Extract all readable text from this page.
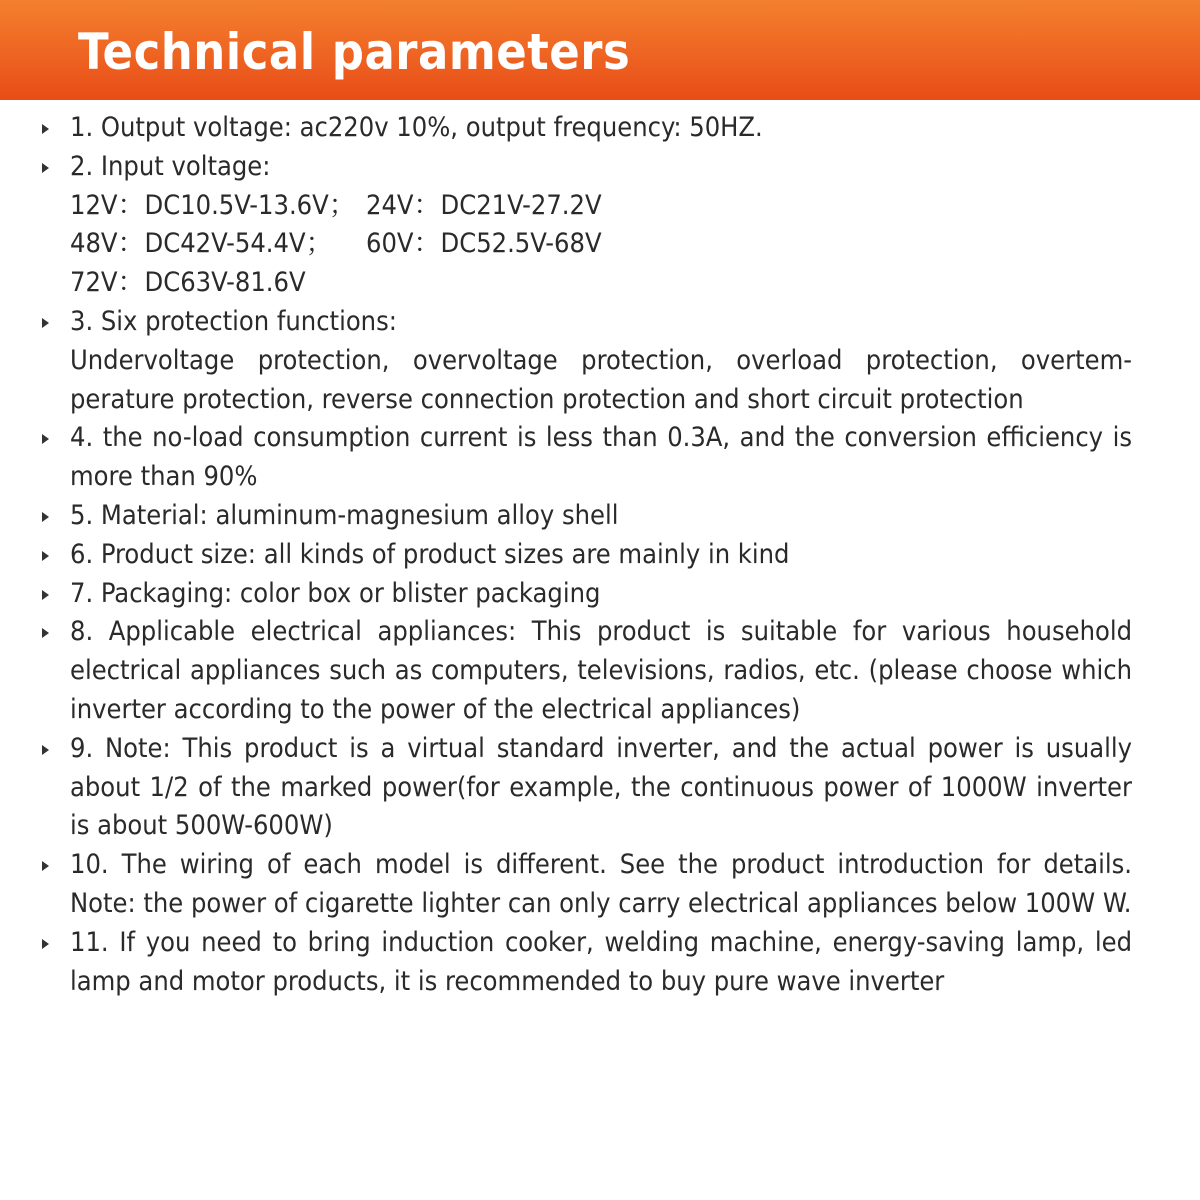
Technical parameters
1. Output voltage: ac220v 10%, output frequency: 50HZ.
2. Input voltage:
12V：DC10.5V-13.6V； 24V：DC21V-27.2V
48V：DC42V-54.4V；	60V：DC52.5V-68V
72V：DC63V-81.6V
3. Six protection functions:
Undervoltage protection, overvoltage protection, overload protection, overtem-perature protection, reverse connection protection and short circuit protection
4. the no-load consumption current is less than 0.3A, and the conversion efficiency is more than 90%
5. Material: aluminum-magnesium alloy shell
6. Product size: all kinds of product sizes are mainly in kind
7. Packaging: color box or blister packaging
8. Applicable electrical appliances: This product is suitable for various household electrical appliances such as computers, televisions, radios, etc. (please choose which inverter according to the power of the electrical appliances)
9. Note: This product is a virtual standard inverter, and the actual power is usually about 1/2 of the marked power(for example, the continuous power of 1000W inverter is about 500W-600W)
10. The wiring of each model is different. See the product introduction for details. Note: the power of cigarette lighter can only carry electrical appliances below 100W W.
11. If you need to bring induction cooker, welding machine, energy-saving lamp, led lamp and motor products, it is recommended to buy pure wave inverter
